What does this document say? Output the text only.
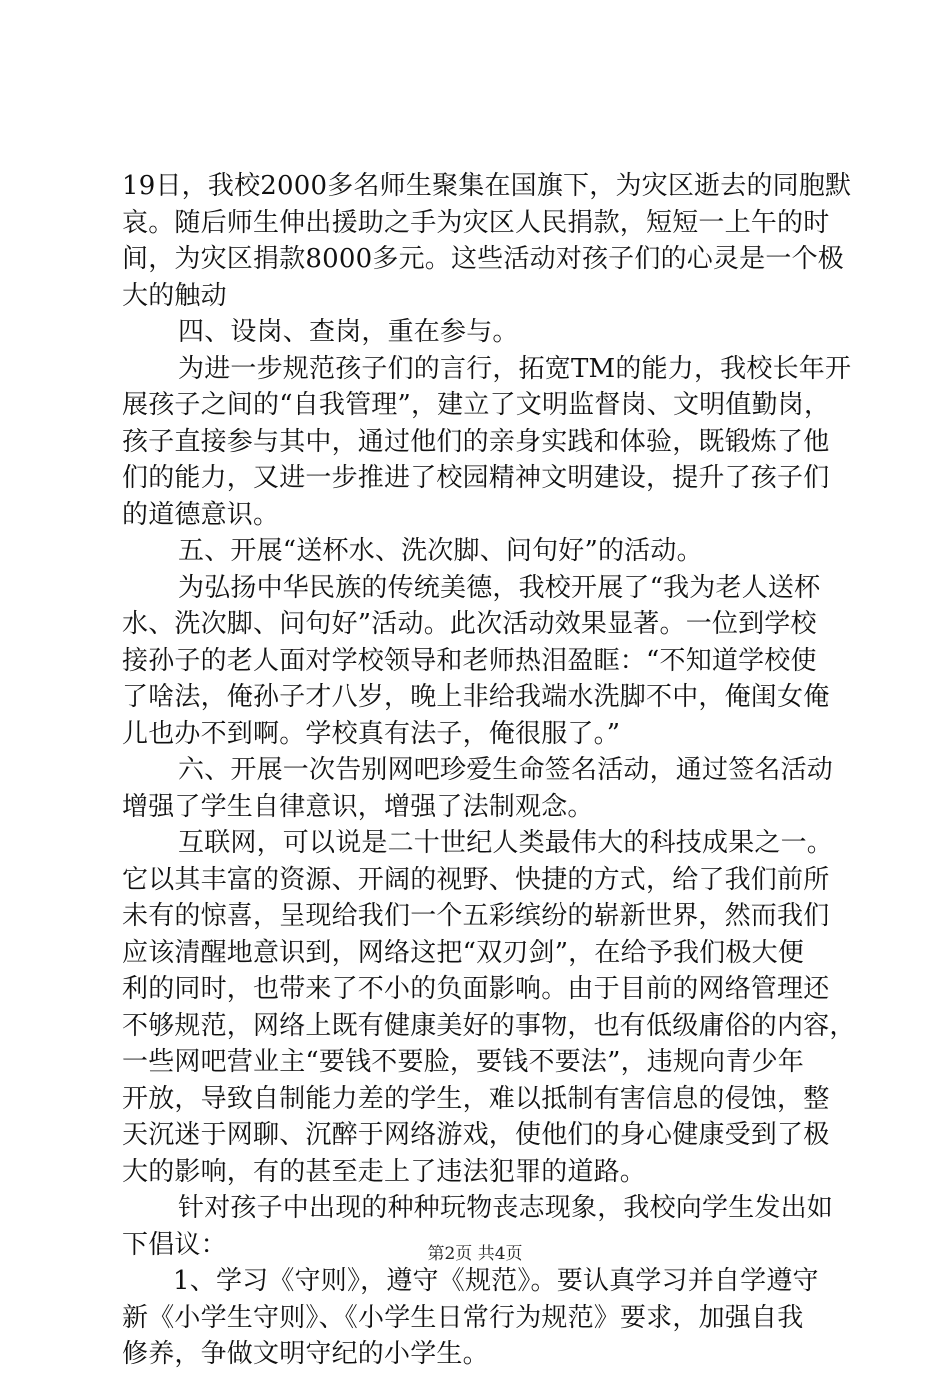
19日，我校2000多名师生聚集在国旗下，为灾区逝去的同胞默
哀。随后师生伸出援助之手为灾区人民捐款，短短一上午的时
间，为灾区捐款8000多元。这些活动对孩子们的心灵是一个极
大的触动
四、设岗、查岗，重在参与。
为进一步规范孩子们的言行，拓宽TM的能力，我校长年开
展孩子之间的“自我管理”，建立了文明监督岗、文明值勤岗，
孩子直接参与其中，通过他们的亲身实践和体验，既锻炼了他
们的能力，又进一步推进了校园精神文明建设，提升了孩子们
的道德意识。
五、开展“送杯水、洗次脚、问句好”的活动。
为弘扬中华民族的传统美德，我校开展了“我为老人送杯
水、洗次脚、问句好”活动。此次活动效果显著。一位到学校
接孙子的老人面对学校领导和老师热泪盈眶：“不知道学校使
了啥法，俺孙子才八岁，晚上非给我端水洗脚不中，俺闺女俺
儿也办不到啊。学校真有法子，俺很服了。”
六、开展一次告别网吧珍爱生命签名活动，通过签名活动
增强了学生自律意识，增强了法制观念。
互联网，可以说是二十世纪人类最伟大的科技成果之一。
它以其丰富的资源、开阔的视野、快捷的方式，给了我们前所
未有的惊喜，呈现给我们一个五彩缤纷的崭新世界，然而我们
应该清醒地意识到，网络这把“双刃剑”，在给予我们极大便
利的同时，也带来了不小的负面影响。由于目前的网络管理还
不够规范，网络上既有健康美好的事物，也有低级庸俗的内容，
一些网吧营业主“要钱不要脸，要钱不要法”，违规向青少年
开放，导致自制能力差的学生，难以抵制有害信息的侵蚀，整
天沉迷于网聊、沉醉于网络游戏，使他们的身心健康受到了极
大的影响，有的甚至走上了违法犯罪的道路。
针对孩子中出现的种种玩物丧志现象，我校向学生发出如
下倡议：
1、学习《守则》，遵守《规范》。要认真学习并自学遵守
新《小学生守则》、《小学生日常行为规范》要求，加强自我
修养，争做文明守纪的小学生。
第2页 共4页
